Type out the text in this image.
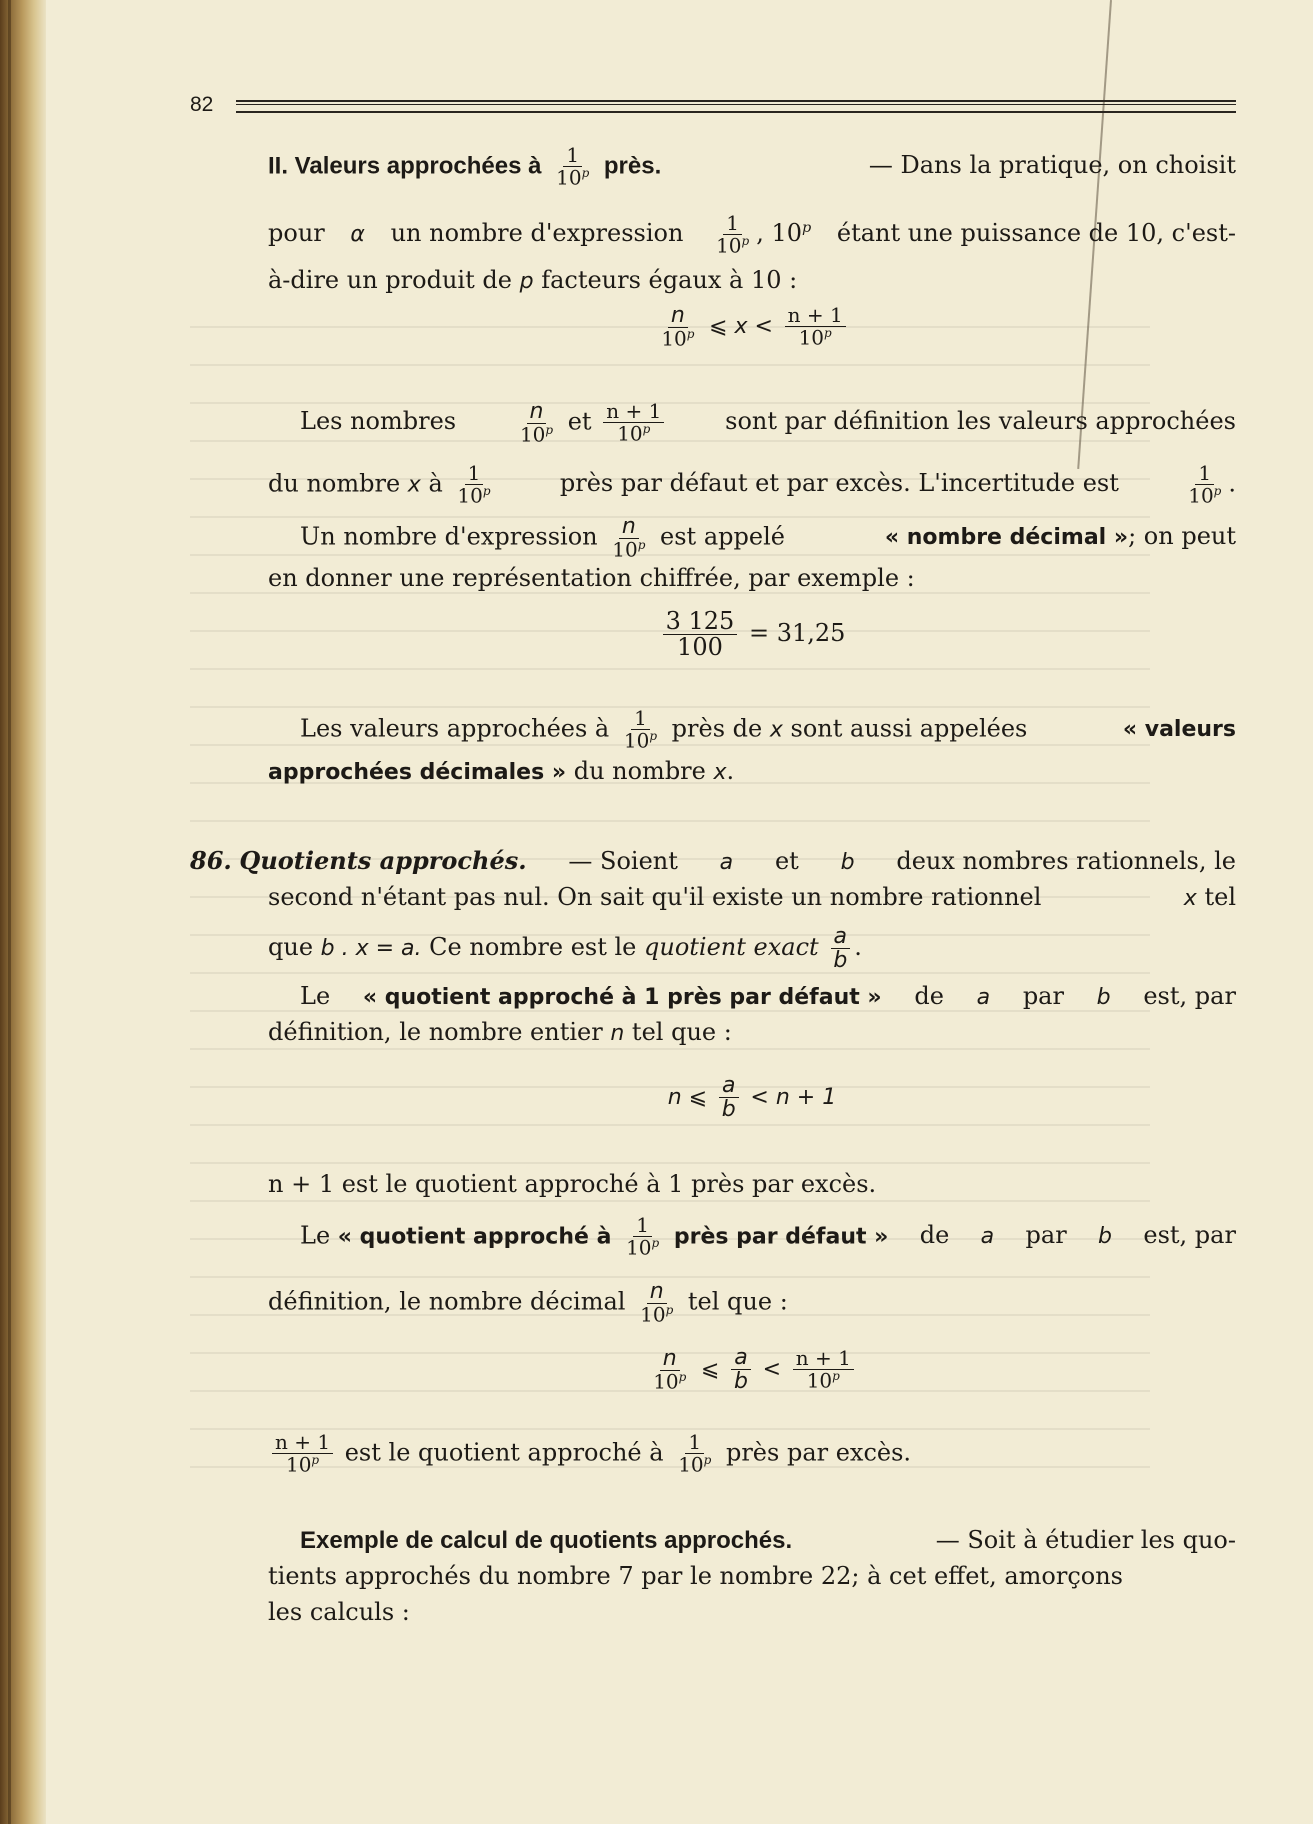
82
II. Valeurs approchées à $\frac{1}{10^p}$ près.	— Dans la pratique, on choisit
pour α un nombre d'expression $\frac{1}{10^p}$ , 10$^p$ étant une puissance de 10, c'est-
à-dire un produit de p facteurs égaux à 10 :
$\frac{n}{10^p}$ ⩽ $x < \frac{n + 1}{10^p}$
Les nombres	$\frac{n}{10^p}$ et $\frac{n + 1}{10^p}$	sont par définition les valeurs approchées
du nombre x à $\frac{1}{10^p}$	près par défaut et par excès. L'incertitude est	$\frac{1}{10^p}$ .
Un nombre d'expression $\frac{n}{10^p}$ est appelé	« nombre décimal »; on peut
en donner une représentation chiffrée, par exemple :
$\frac{3 125}{100} = 31,25$
Les valeurs approchées à $\frac{1}{10^p}$ près de x sont aussi appelées	« valeurs
approchées décimales » du nombre x.
86. Quotients approchés. — Soient a et b deux nombres rationnels, le
second n'étant pas nul. On sait qu'il existe un nombre rationnel	x tel
que b . x = a. Ce nombre est le quotient exact $\frac{a}{b}$ .
Le « quotient approché à 1 près par défaut » de a par b est, par
définition, le nombre entier n tel que :
n ⩽ $\frac{a}{b} < n + 1$
n + 1 est le quotient approché à 1 près par excès.
Le « quotient approché à $\frac{1}{10^p}$ près par défaut » de a par b est, par
définition, le nombre décimal $\frac{n}{10^p}$ tel que :
$\frac{n}{10^p}$ ⩽ $\frac{a}{b} < \frac{n + 1}{10^p}$
$\frac{n + 1}{10^p}$ est le quotient approché à $\frac{1}{10^p}$ près par excès.
Exemple de calcul de quotients approchés.	— Soit à étudier les quo-
tients approchés du nombre 7 par le nombre 22; à cet effet, amorçons
les calculs :
